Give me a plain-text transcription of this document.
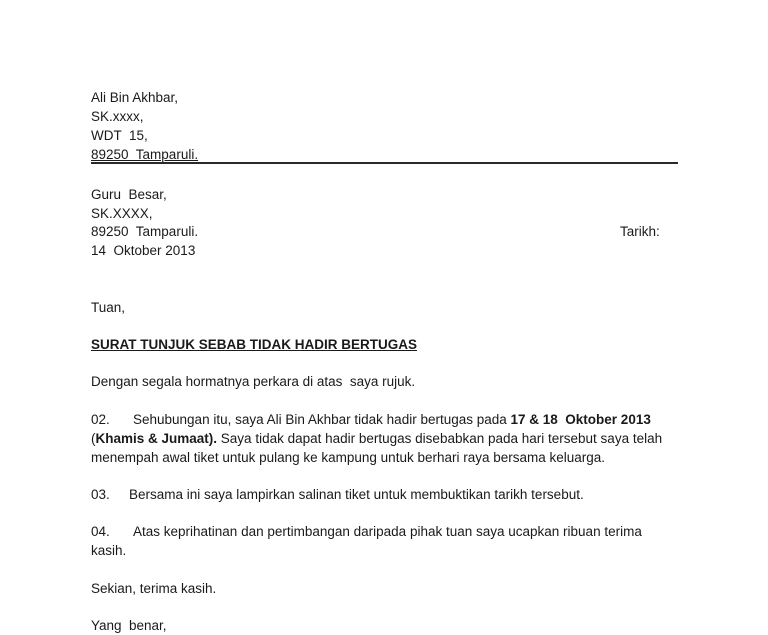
Ali Bin Akhbar,
SK.xxxx,
WDT  15,
89250  Tamparuli.
Guru  Besar,
SK.XXXX,
89250  Tamparuli.	Tarikh:
14  Oktober 2013
Tuan,
SURAT TUNJUK SEBAB TIDAK HADIR BERTUGAS
Dengan segala hormatnya perkara di atas  saya rujuk.
02. Sehubungan itu, saya Ali Bin Akhbar tidak hadir bertugas pada 17 & 18  Oktober 2013
(Khamis & Jumaat). Saya tidak dapat hadir bertugas disebabkan pada hari tersebut saya telah
menempah awal tiket untuk pulang ke kampung untuk berhari raya bersama keluarga.
03. Bersama ini saya lampirkan salinan tiket untuk membuktikan tarikh tersebut.
04. Atas keprihatinan dan pertimbangan daripada pihak tuan saya ucapkan ribuan terima
kasih.
Sekian, terima kasih.
Yang  benar,
